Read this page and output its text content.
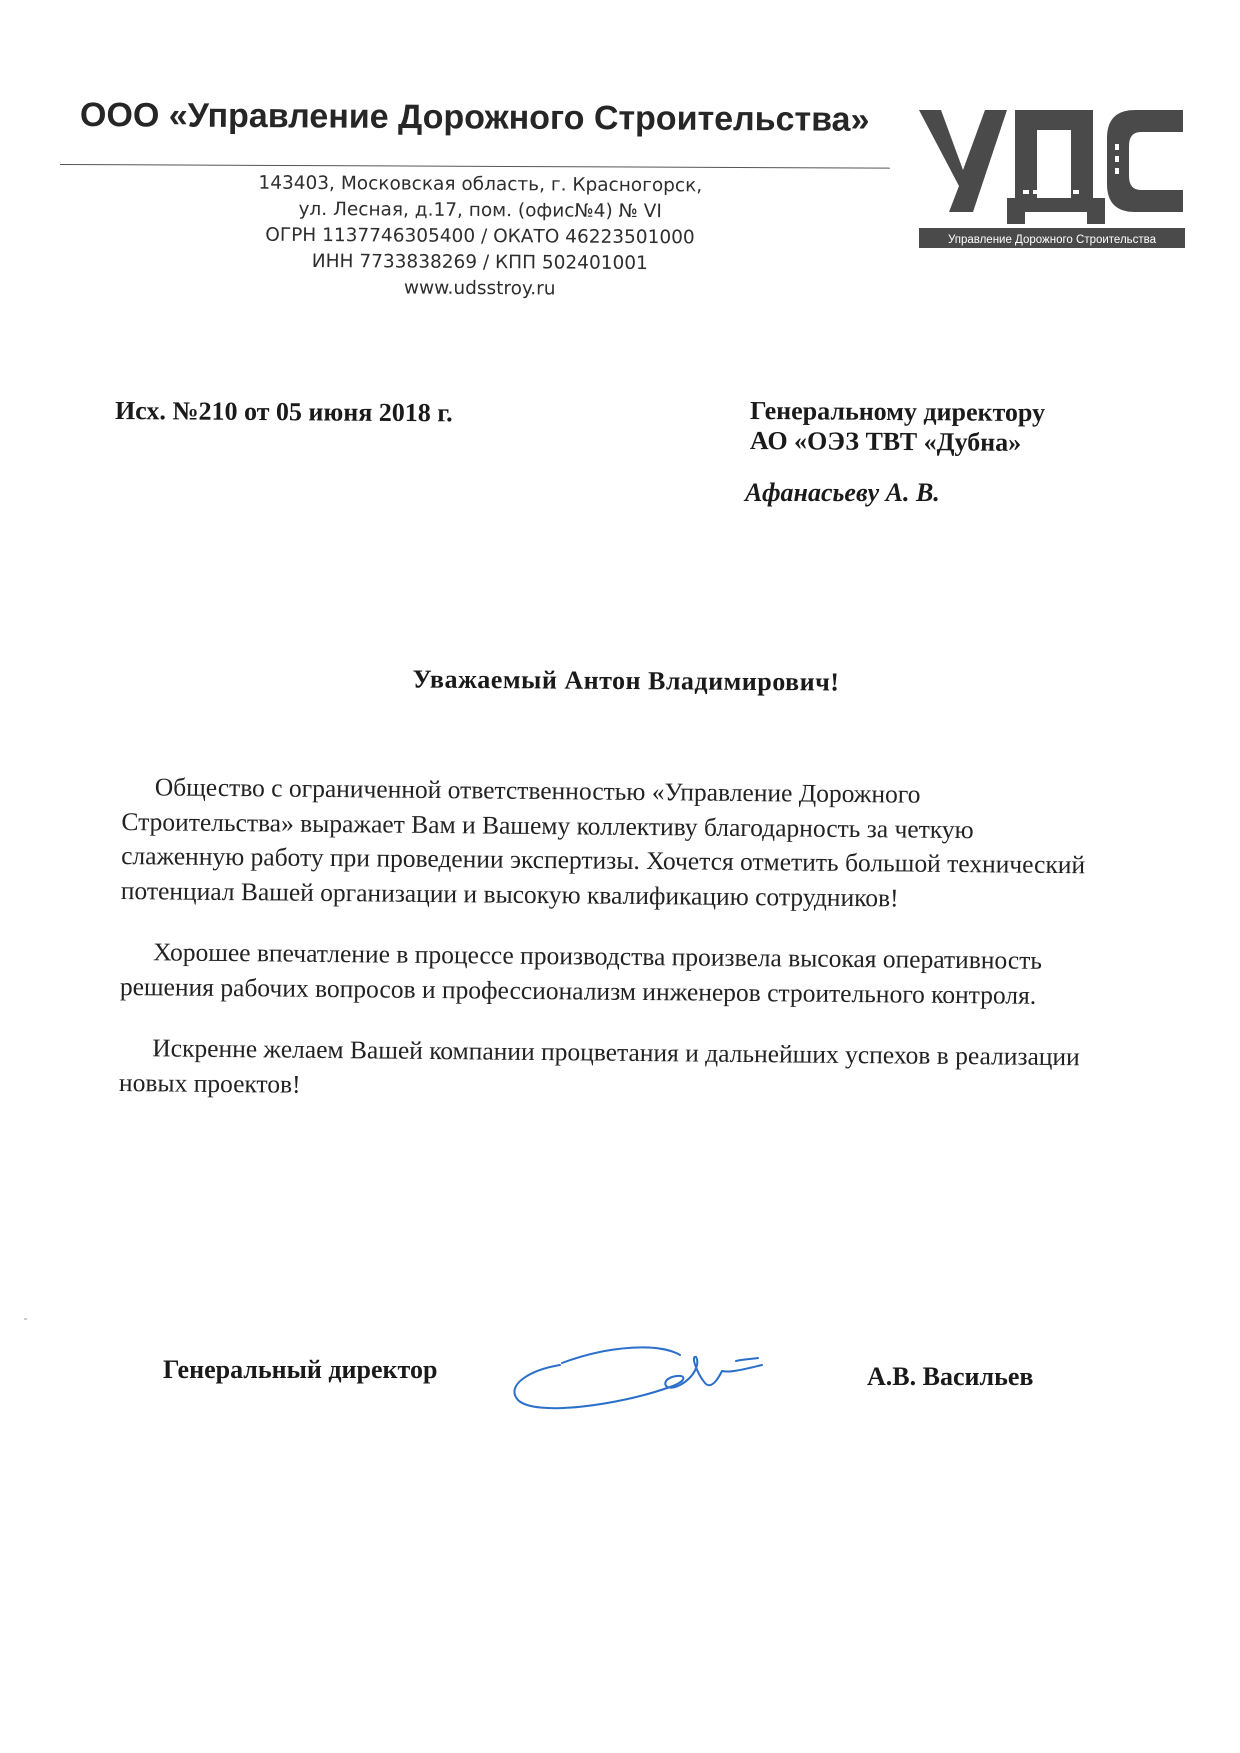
ООО «Управление Дорожного Строительства»
143403, Московская область, г. Красногорск,
ул. Лесная, д.17, пом. (офис№4) № VI
ОГРН 1137746305400 / ОКАТО 46223501000
ИНН 7733838269 / КПП 502401001
www.udsstroy.ru
Управление Дорожного Строительства
Исх. №210 от 05 июня 2018 г.	Генеральному директору
АО «ОЭЗ ТВТ «Дубна»
Афанасьеву А. В.
Уважаемый Антон Владимирович!

Общество с ограниченной ответственностью «Управление Дорожного Строительства» выражает Вам и Вашему коллективу благодарность за четкую слаженную работу при проведении экспертизы. Хочется отметить большой технический потенциал Вашей организации и высокую квалификацию сотрудников!

Хорошее впечатление в процессе производства произвела высокая оперативность решения рабочих вопросов и профессионализм инженеров строительного контроля.

Искренне желаем Вашей компании процветания и дальнейших успехов в реализации новых проектов!

Генеральный директор	А.В. Васильев
